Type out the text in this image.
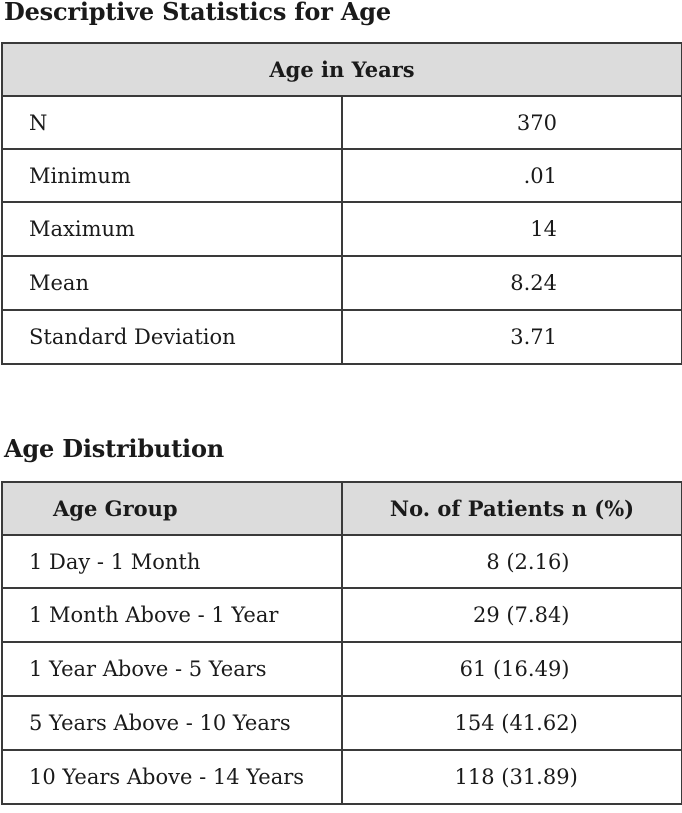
Descriptive Statistics for Age
Age in Years	
N	370
Minimum	.01
Maximum	14
Mean	8.24
Standard Deviation	3.71
Age Distribution
Age Group	No. of Patients n (%)
1 Day - 1 Month	8 (2.16)
1 Month Above - 1 Year	29 (7.84)
1 Year Above - 5 Years	61 (16.49)
5 Years Above - 10 Years	154 (41.62)
10 Years Above - 14 Years	118 (31.89)
